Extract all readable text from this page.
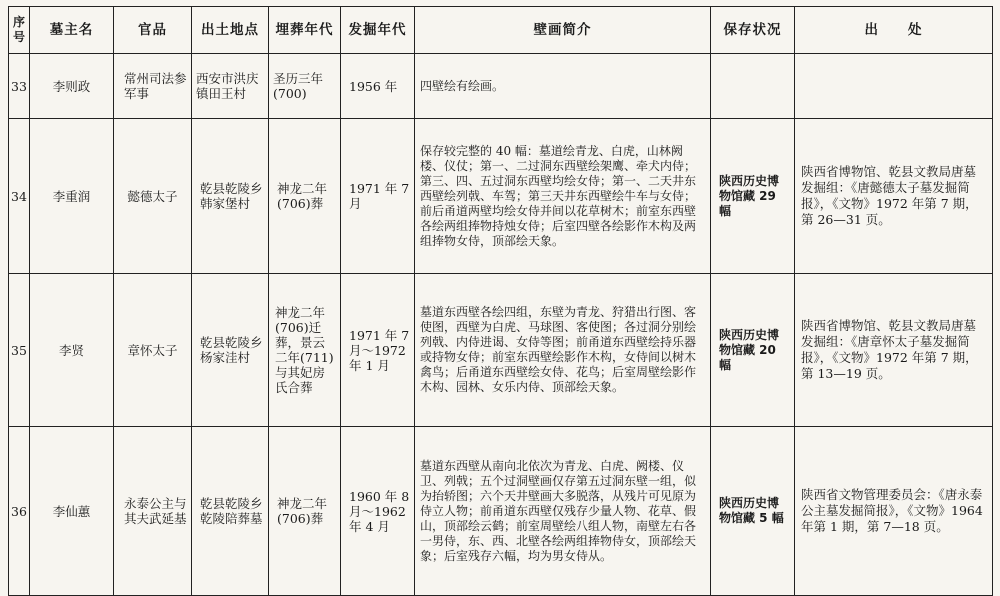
序号	墓主名	官品	出土地点	埋葬年代	发掘年代	壁画简介	保存状况	出　　处
33	李则政	常州司法参军事	西安市洪庆镇田王村	圣历三年(700)	1956 年	四壁绘有绘画。		
34	李重润	懿德太子	乾县乾陵乡韩家堡村	神龙二年(706)葬	1971 年 7 月	保存较完整的 40 幅：墓道绘青龙、白虎，山林阙楼、仪仗；第一、二过洞东西壁绘架鹰、牵犬内侍；第三、四、五过洞东西壁均绘女侍；第一、二天井东西壁绘列戟、车驾；第三天井东西壁绘牛车与女侍；前后甬道两壁均绘女侍并间以花草树木；前室东西壁各绘两组捧物持烛女侍；后室四壁各绘影作木构及两组捧物女侍，顶部绘天象。	陕西历史博物馆藏 29 幅	陕西省博物馆、乾县文教局唐墓发掘组：《唐懿德太子墓发掘简报》，《文物》1972 年第 7 期，第 26—31 页。
35	李贤	章怀太子	乾县乾陵乡杨家洼村	神龙二年(706)迁葬，景云二年(711)与其妃房氏合葬	1971 年 7 月～1972 年 1 月	墓道东西壁各绘四组，东壁为青龙、狩猎出行图、客使图，西壁为白虎、马球图、客使图；各过洞分别绘列戟、内侍进谒、女侍等图；前甬道东西壁绘持乐器或持物女侍；前室东西壁绘影作木构，女侍间以树木禽鸟；后甬道东西壁绘女侍、花鸟；后室周壁绘影作木构、园林、女乐内侍、顶部绘天象。	陕西历史博物馆藏 20 幅	陕西省博物馆、乾县文教局唐墓发掘组：《唐章怀太子墓发掘简报》，《文物》1972 年第 7 期，第 13—19 页。
36	李仙蕙	永泰公主与其夫武延基	乾县乾陵乡乾陵陪葬墓	神龙二年(706)葬	1960 年 8 月～1962 年 4 月	墓道东西壁从南向北依次为青龙、白虎、阙楼、仪卫、列戟；五个过洞壁画仅存第五过洞东壁一组，似为抬轿图；六个天井壁画大多脱落，从残片可见原为侍立人物；前甬道东西壁仅残存少量人物、花草、假山，顶部绘云鹤；前室周壁绘八组人物，南壁左右各一男侍，东、西、北壁各绘两组捧物侍女，顶部绘天象；后室残存六幅，均为男女侍从。	陕西历史博物馆藏 5 幅	陕西省文物管理委员会：《唐永泰公主墓发掘简报》，《文物》1964 年第 1 期，第 7—18 页。
